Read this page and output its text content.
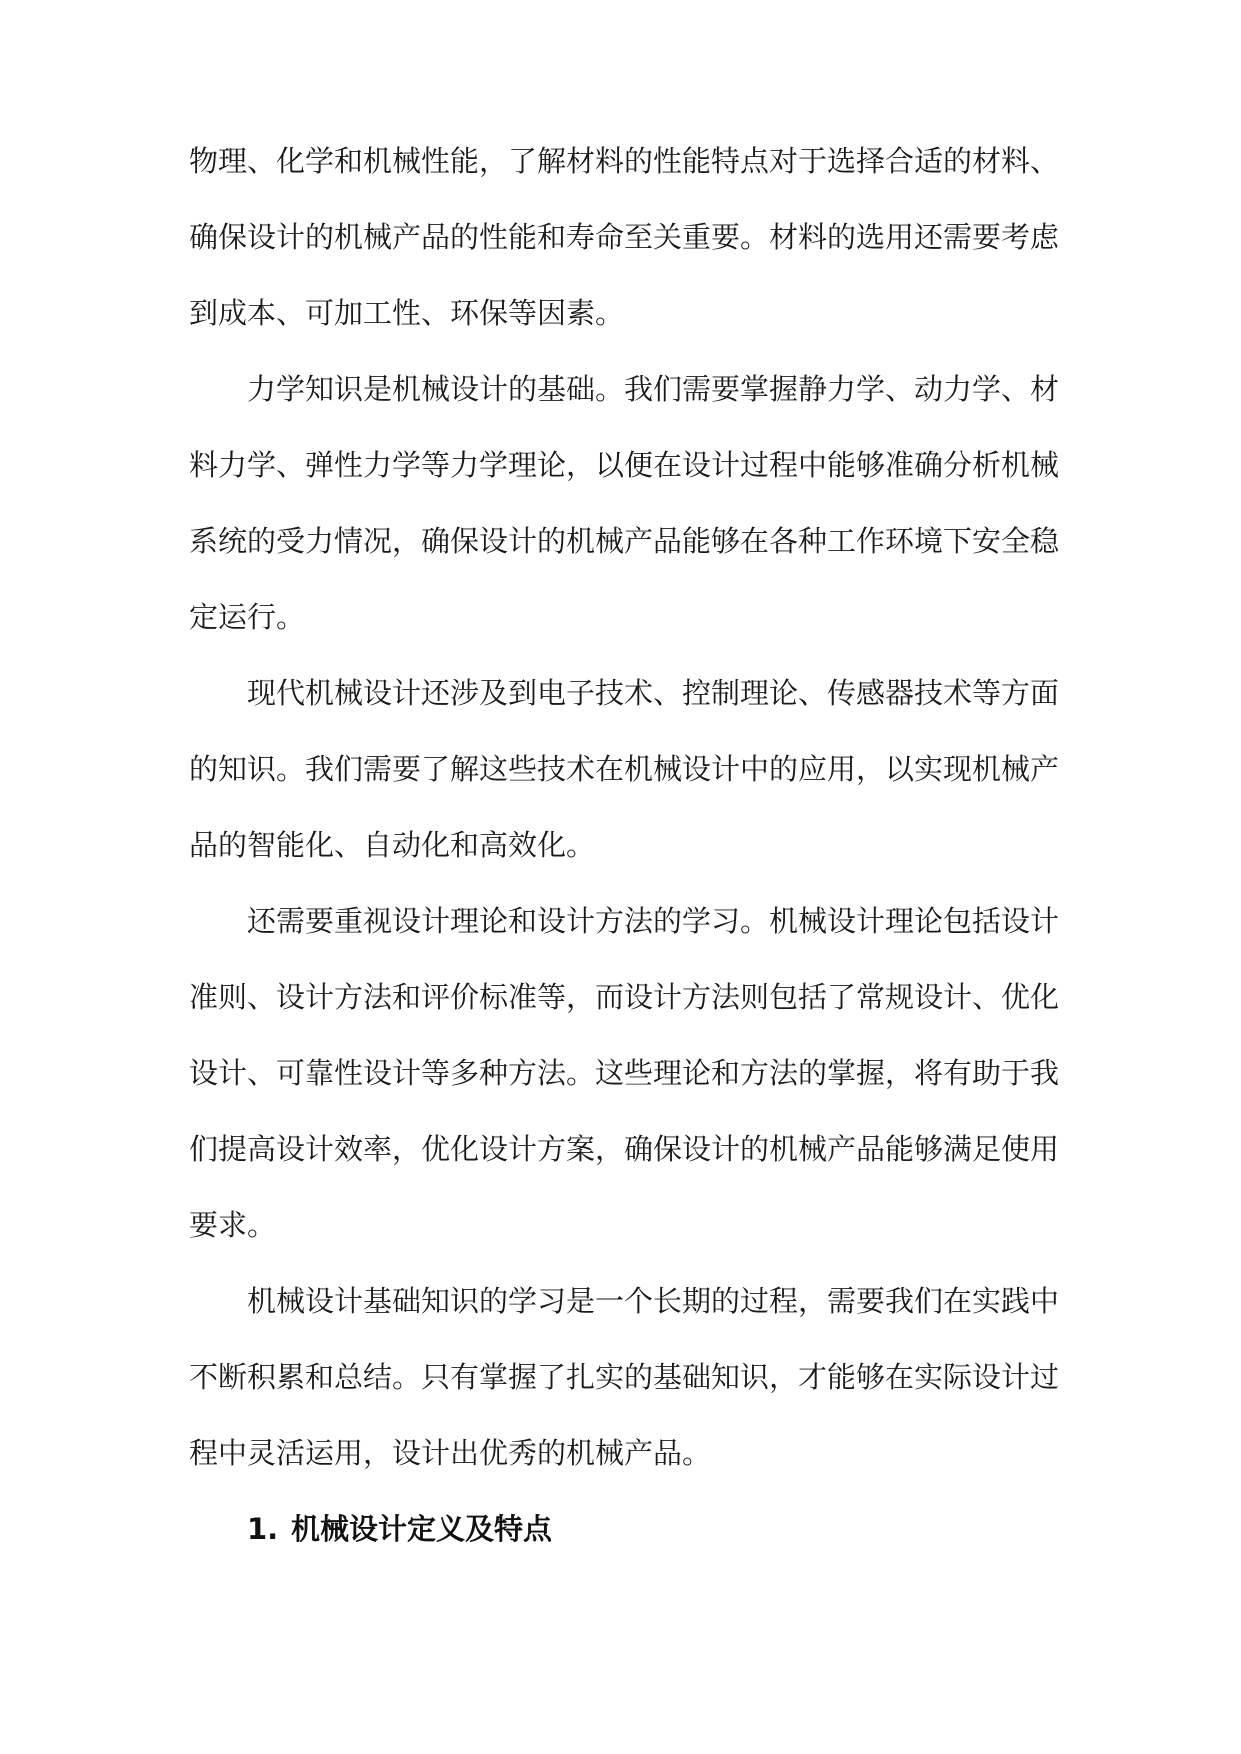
物理、化学和机械性能，了解材料的性能特点对于选择合适的材料、

确保设计的机械产品的性能和寿命至关重要。材料的选用还需要考虑

到成本、可加工性、环保等因素。

力学知识是机械设计的基础。我们需要掌握静力学、动力学、材

料力学、弹性力学等力学理论，以便在设计过程中能够准确分析机械

系统的受力情况，确保设计的机械产品能够在各种工作环境下安全稳

定运行。

现代机械设计还涉及到电子技术、控制理论、传感器技术等方面

的知识。我们需要了解这些技术在机械设计中的应用，以实现机械产

品的智能化、自动化和高效化。

还需要重视设计理论和设计方法的学习。机械设计理论包括设计

准则、设计方法和评价标准等，而设计方法则包括了常规设计、优化

设计、可靠性设计等多种方法。这些理论和方法的掌握，将有助于我

们提高设计效率，优化设计方案，确保设计的机械产品能够满足使用

要求。

机械设计基础知识的学习是一个长期的过程，需要我们在实践中

不断积累和总结。只有掌握了扎实的基础知识，才能够在实际设计过

程中灵活运用，设计出优秀的机械产品。

1. 机械设计定义及特点
